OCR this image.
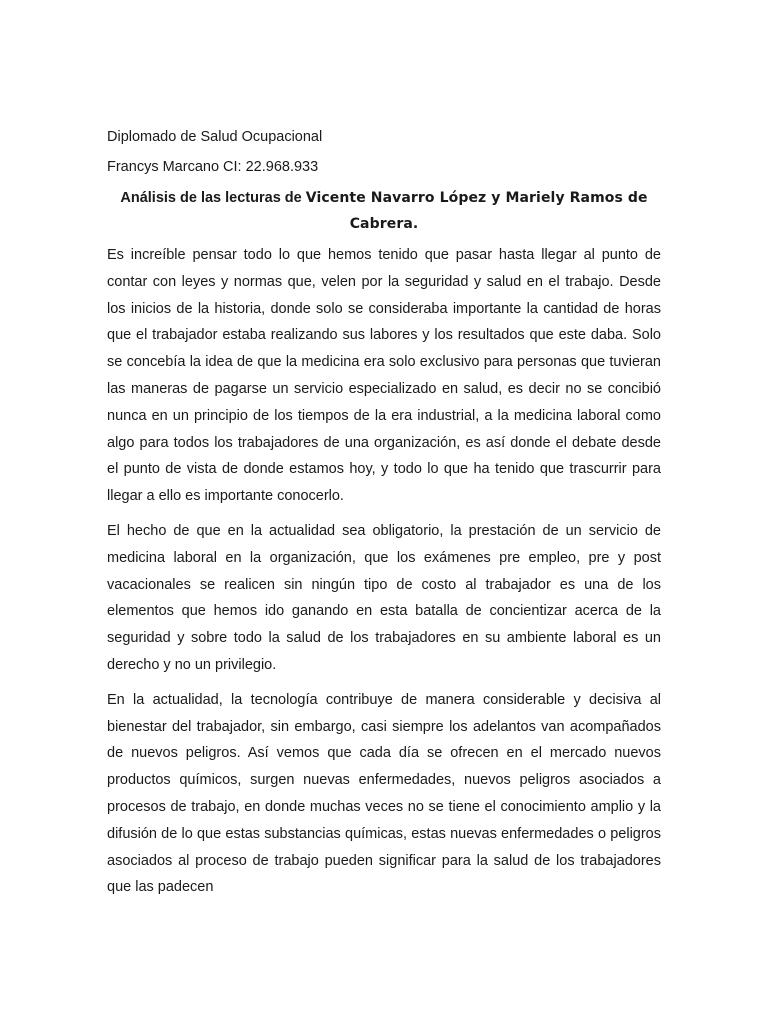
Diplomado de Salud Ocupacional

Francys Marcano CI: 22.968.933

Análisis de las lecturas de Vicente Navarro López y Mariely Ramos de Cabrera.

Es increíble pensar todo lo que hemos tenido que pasar hasta llegar al punto de contar con leyes y normas que, velen por la seguridad y salud en el trabajo. Desde los inicios de la historia, donde solo se consideraba importante la cantidad de horas que el trabajador estaba realizando sus labores y los resultados que este daba. Solo se concebía la idea de que la medicina era solo exclusivo para personas que tuvieran las maneras de pagarse un servicio especializado en salud, es decir no se concibió nunca en un principio de los tiempos de la era industrial, a la medicina laboral como algo para todos los trabajadores de una organización, es así donde el debate desde el punto de vista de donde estamos hoy, y todo lo que ha tenido que trascurrir para llegar a ello es importante conocerlo.

El hecho de que en la actualidad sea obligatorio, la prestación de un servicio de medicina laboral en la organización, que los exámenes pre empleo, pre y post vacacionales se realicen sin ningún tipo de costo al trabajador es una de los elementos que hemos ido ganando en esta batalla de concientizar acerca de la seguridad y sobre todo la salud de los trabajadores en su ambiente laboral es un derecho y no un privilegio.

En la actualidad, la tecnología contribuye de manera considerable y decisiva al bienestar del trabajador, sin embargo, casi siempre los adelantos van acompañados de nuevos peligros. Así vemos que cada día se ofrecen en el mercado nuevos productos químicos, surgen nuevas enfermedades, nuevos peligros asociados a procesos de trabajo, en donde muchas veces no se tiene el conocimiento amplio y la difusión de lo que estas substancias químicas, estas nuevas enfermedades o peligros asociados al proceso de trabajo pueden significar para la salud de los trabajadores que las padecen
